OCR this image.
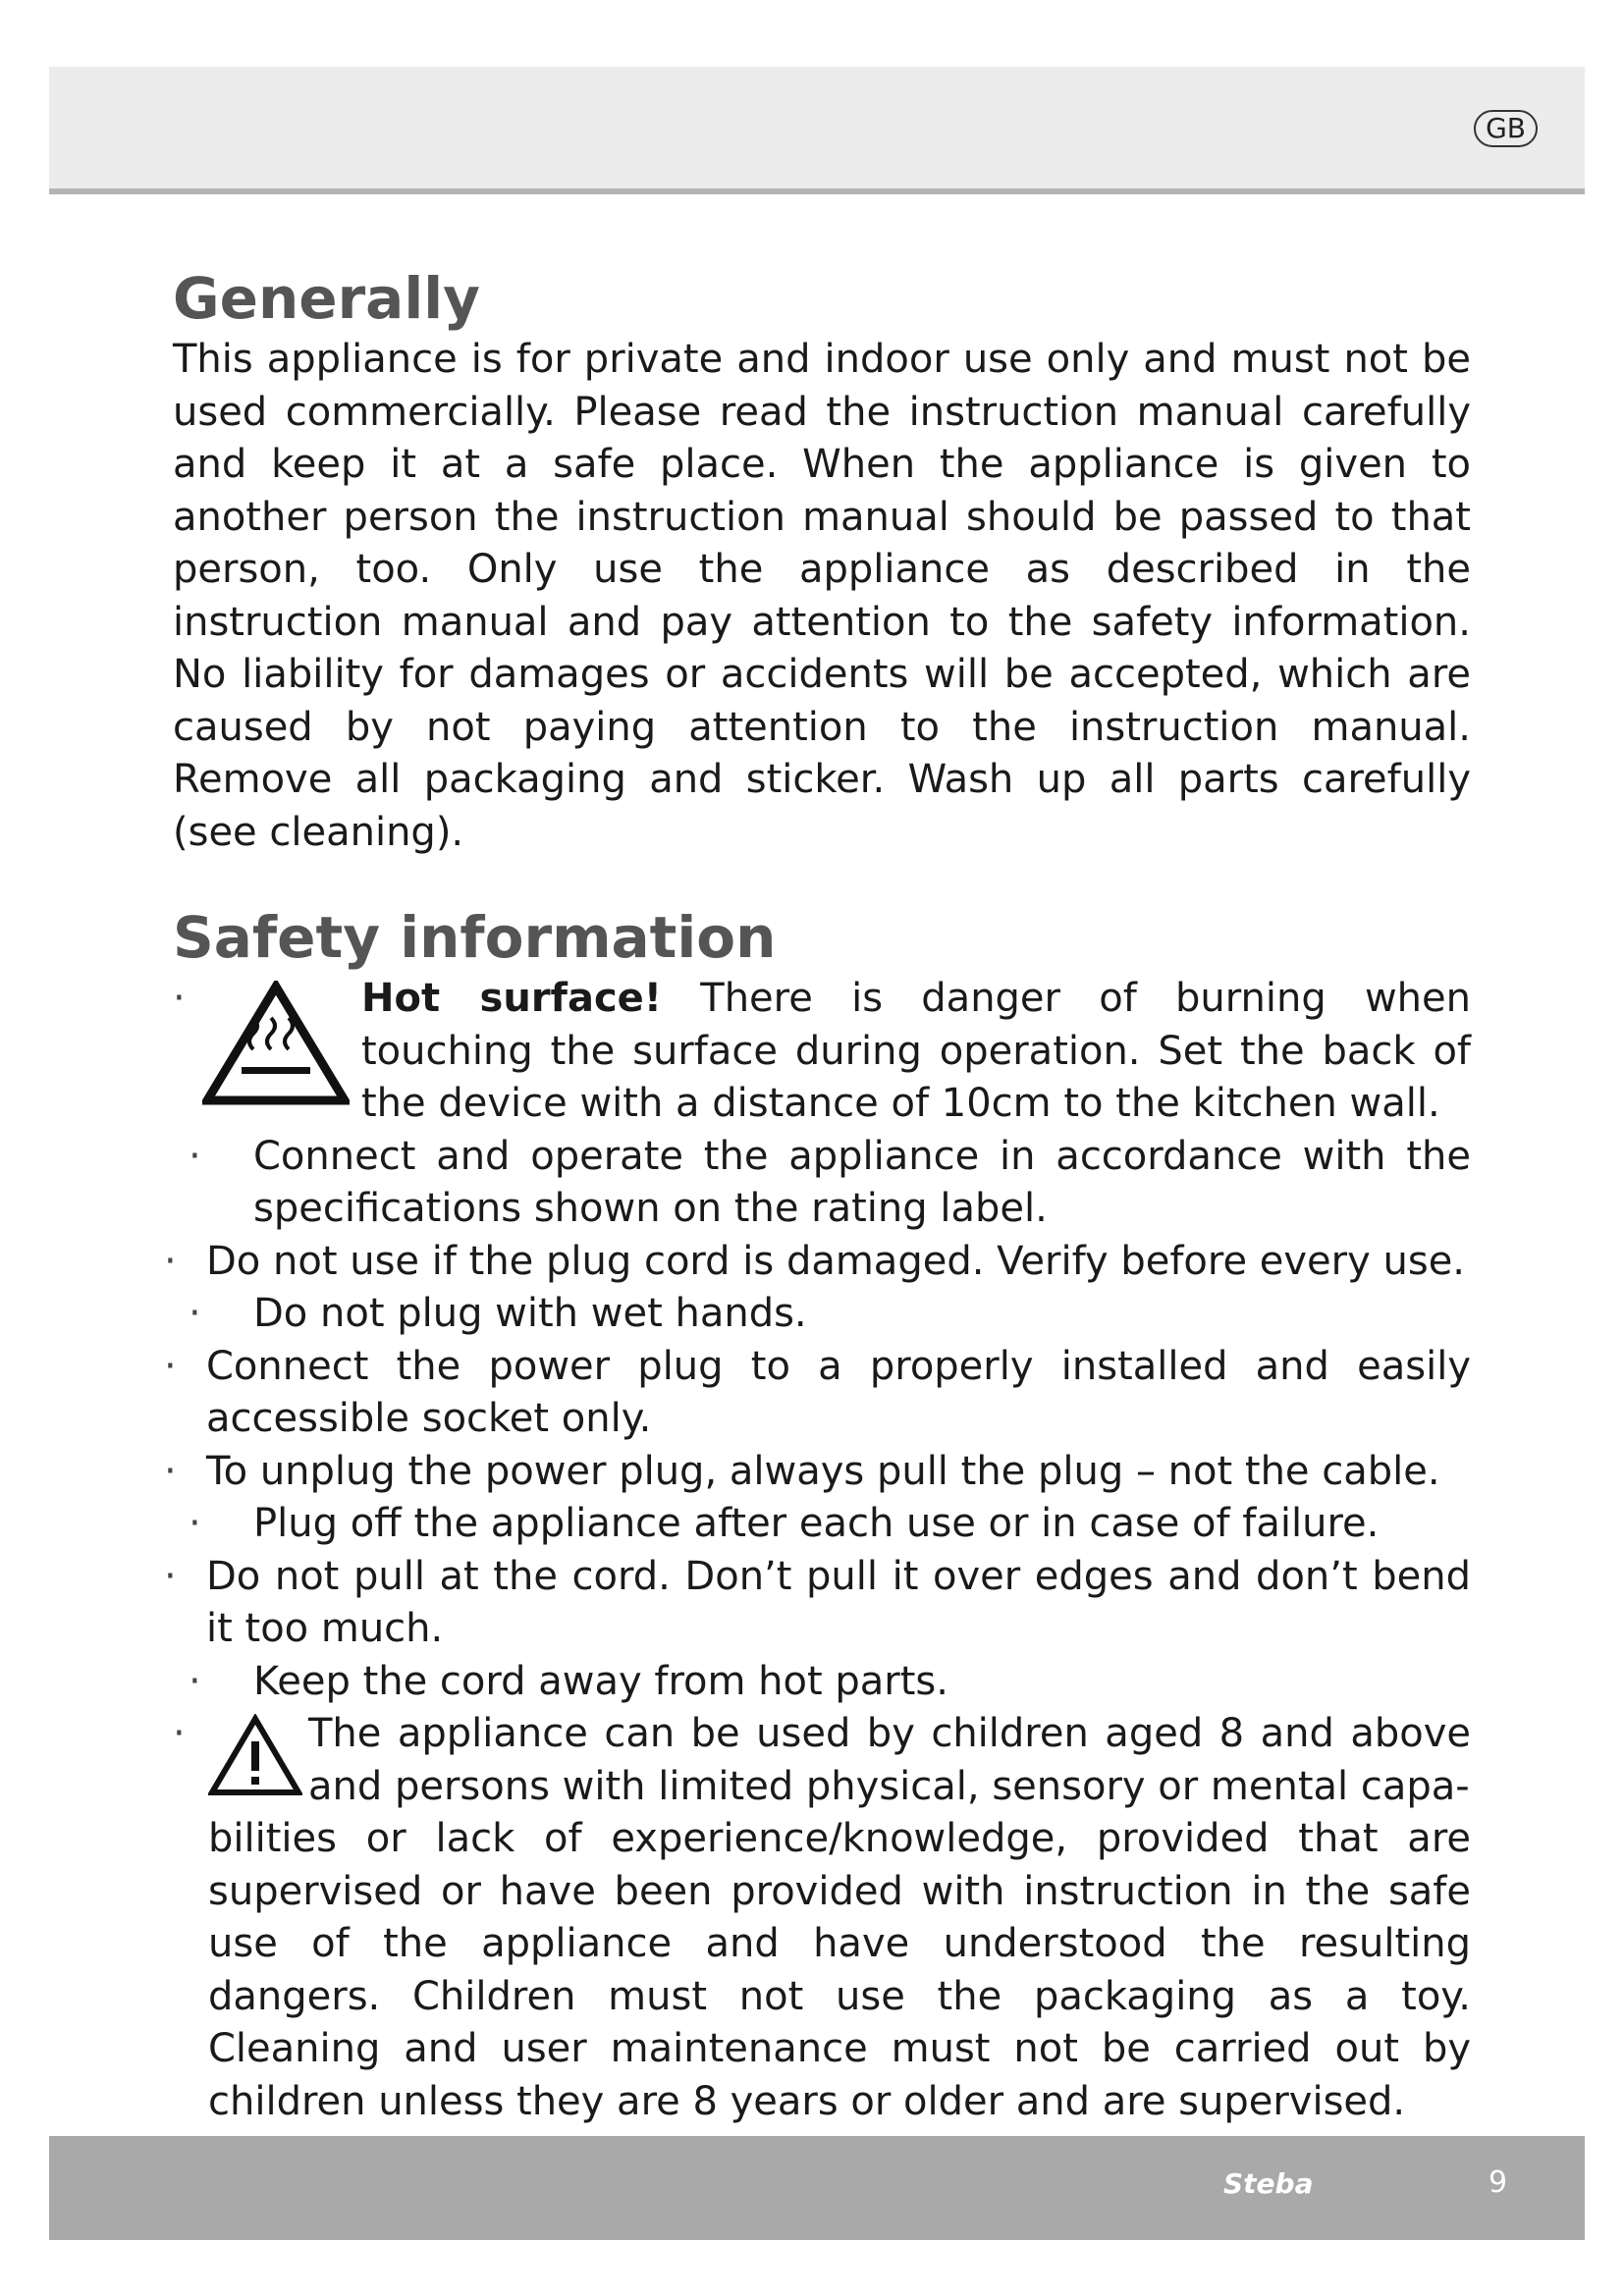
GB
Generally

This appliance is for private and indoor use only and must not be used commercially. Please read the instruction manual carefully and keep it at a safe place. When the appliance is given to another person the instruction manual should be passed to that person, too. Only use the appliance as described in the instruction manual and pay attention to the safety information. No liability for damages or accidents will be accepted, which are caused by not paying attention to the instruction manual. Remove all packaging and sticker. Wash up all parts carefully (see cleaning).

Safety information
·	Hot surface! There is danger of burning when touching the surface during operation. Set the back of the device with a distance of 10cm to the kitchen wall.
· Connect and operate the appliance in accordance with the specifications shown on the rating label.
· Do not use if the plug cord is damaged. Verify before every use.
· Do not plug with wet hands.
· Connect the power plug to a properly installed and easily accessible socket only.
· To unplug the power plug, always pull the plug – not the cable.
· Plug off the appliance after each use or in case of failure.
· Do not pull at the cord. Don’t pull it over edges and don’t bend it too much.
· Keep the cord away from hot parts.
·	The appliance can be used by children aged 8 and above and persons with limited physical, sensory or mental capa-
bilities or lack of experience/knowledge, provided that are supervised or have been provided with instruction in the safe use of the appliance and have understood the resulting dangers. Children must not use the packaging as a toy. Cleaning and user maintenance must not be carried out by children unless they are 8 years or older and are supervised.
Steba	9
